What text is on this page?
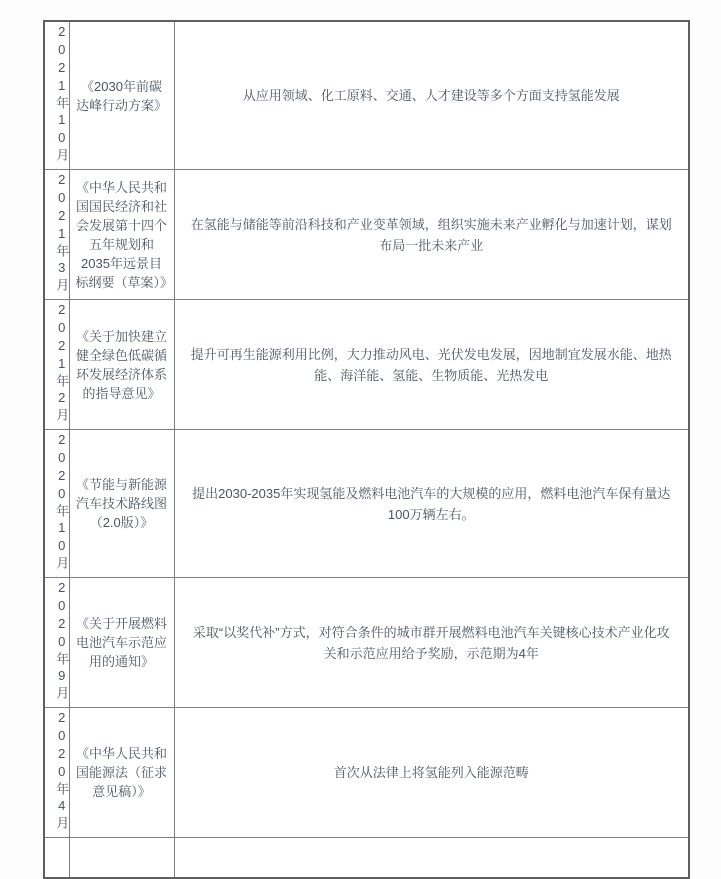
2021年10月	《2030年前碳达峰行动方案》	从应用领域、化工原料、交通、人才建设等多个方面支持氢能发展
2021年3月	《中华人民共和国国民经济和社会发展第十四个五年规划和2035年远景目标纲要（草案）》	在氢能与储能等前沿科技和产业变革领域，组织实施未来产业孵化与加速计划，谋划布局一批未来产业
2021年2月	《关于加快建立健全绿色低碳循环发展经济体系的指导意见》	提升可再生能源利用比例，大力推动风电、光伏发电发展，因地制宜发展水能、地热能、海洋能、氢能、生物质能、光热发电
2020年10月	《节能与新能源汽车技术路线图（2.0版）》	提出2030-2035年实现氢能及燃料电池汽车的大规模的应用，燃料电池汽车保有量达100万辆左右。
2020年9月	《关于开展燃料电池汽车示范应用的通知》	采取“以奖代补”方式，对符合条件的城市群开展燃料电池汽车关键核心技术产业化攻关和示范应用给予奖励，示范期为4年
2020年4月	《中华人民共和国能源法（征求意见稿）》	首次从法律上将氢能列入能源范畴
